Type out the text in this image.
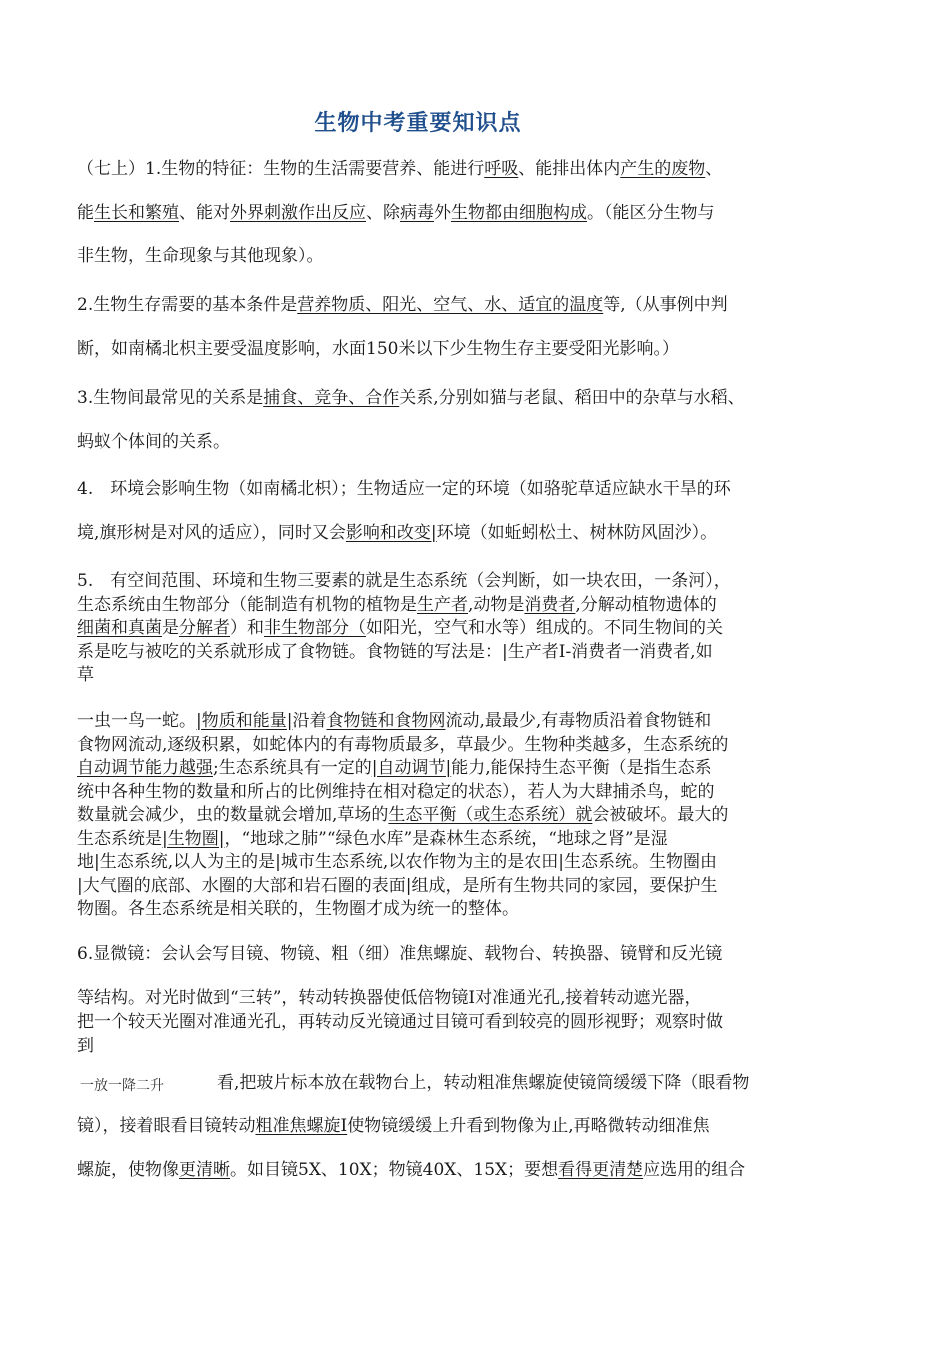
生物中考重要知识点
（七上）1.生物的特征：生物的生活需要营养、能进行呼吸、能排出体内产生的废物、
能生长和繁殖、能对外界刺激作出反应、除病毒外生物都由细胞构成。（能区分生物与
非生物，生命现象与其他现象）。
2.生物生存需要的基本条件是营养物质、阳光、空气、水、适宜的温度等,（从事例中判
断，如南橘北枳主要受温度影响，水面150米以下少生物生存主要受阳光影响。）
3.生物间最常见的关系是捕食、竞争、合作关系,分别如猫与老鼠、稻田中的杂草与水稻、
蚂蚁个体间的关系。
4.　环境会影响生物（如南橘北枳）；生物适应一定的环境（如骆驼草适应缺水干旱的环
境,旗形树是对风的适应），同时又会影响和改变|环境（如蚯蚓松土、树林防风固沙）。
5.　有空间范围、环境和生物三要素的就是生态系统（会判断，如一块农田，一条河），
生态系统由生物部分（能制造有机物的植物是生产者,动物是消费者,分解动植物遗体的
细菌和真菌是分解者）和非生物部分（如阳光，空气和水等）组成的。不同生物间的关
系是吃与被吃的关系就形成了食物链。食物链的写法是：|生产者I-消费者一消费者,如
草
一虫一鸟一蛇。|物质和能量|沿着食物链和食物网流动,最最少,有毒物质沿着食物链和
食物网流动,逐级积累，如蛇体内的有毒物质最多，草最少。生物种类越多，生态系统的
自动调节能力越强;生态系统具有一定的|自动调节|能力,能保持生态平衡（是指生态系
统中各种生物的数量和所占的比例维持在相对稳定的状态），若人为大肆捕杀鸟，蛇的
数量就会减少，虫的数量就会增加,草场的生态平衡（或生态系统）就会被破坏。最大的
生态系统是|生物圈|，“地球之肺”“绿色水库”是森林生态系统，“地球之肾”是湿
地|生态系统,以人为主的是|城市生态系统,以农作物为主的是农田|生态系统。生物圈由
|大气圈的底部、水圈的大部和岩石圈的表面|组成，是所有生物共同的家园，要保护生
物圈。各生态系统是相关联的，生物圈才成为统一的整体。
6.显微镜：会认会写目镜、物镜、粗（细）准焦螺旋、载物台、转换器、镜臂和反光镜
等结构。对光时做到“三转”，转动转换器使低倍物镜I对准通光孔,接着转动遮光器，
把一个较天光圈对准通光孔，再转动反光镜通过目镜可看到较亮的圆形视野；观察时做
到
一放一降二升 　看,把玻片标本放在载物台上，转动粗准焦螺旋使镜筒缓缓下降（眼看物
镜），接着眼看目镜转动粗准焦螺旋I使物镜缓缓上升看到物像为止,再略微转动细准焦
螺旋，使物像更清晰。如目镜5X、10X；物镜40X、15X；要想看得更清楚应选用的组合
